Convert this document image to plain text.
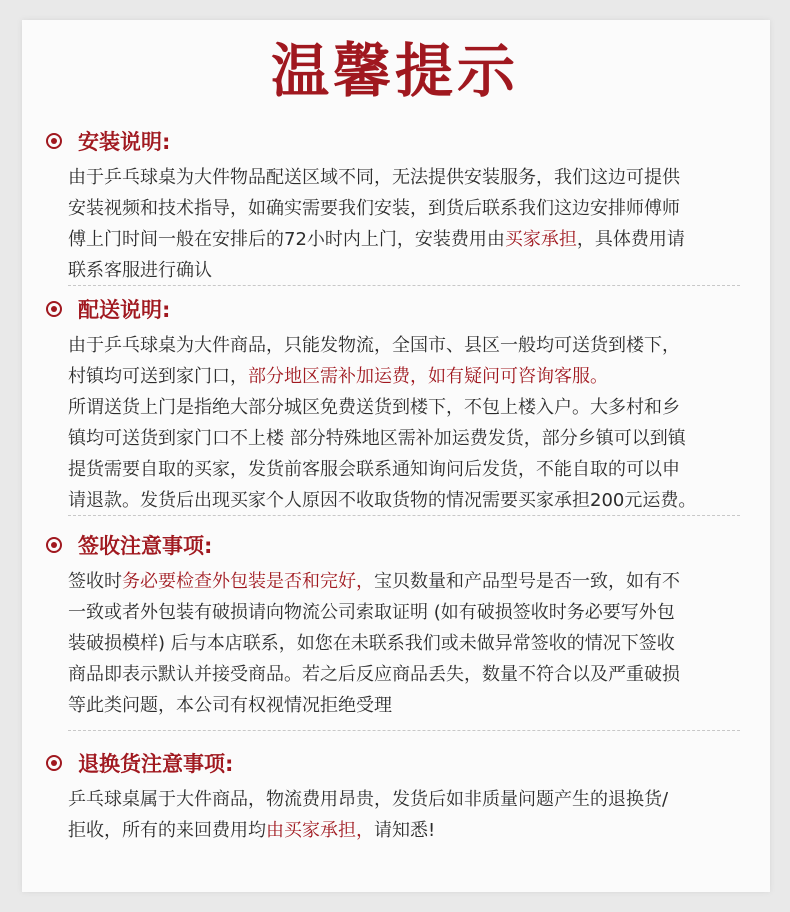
温馨提示
安装说明:
由于乒乓球桌为大件物品配送区域不同，无法提供安装服务，我们这边可提供
安装视频和技术指导，如确实需要我们安装，到货后联系我们这边安排师傅师
傅上门时间一般在安排后的72小时内上门，安装费用由买家承担，具体费用请
联系客服进行确认
配送说明:
由于乒乓球桌为大件商品，只能发物流，全国市、县区一般均可送货到楼下，
村镇均可送到家门口，部分地区需补加运费，如有疑问可咨询客服。
所谓送货上门是指绝大部分城区免费送货到楼下，不包上楼入户。大多村和乡
镇均可送货到家门口不上楼 部分特殊地区需补加运费发货，部分乡镇可以到镇
提货需要自取的买家，发货前客服会联系通知询问后发货，不能自取的可以申
请退款。发货后出现买家个人原因不收取货物的情况需要买家承担200元运费。
签收注意事项:
签收时务必要检查外包装是否和完好，宝贝数量和产品型号是否一致，如有不
一致或者外包装有破损请向物流公司索取证明 (如有破损签收时务必要写外包
装破损模样) 后与本店联系，如您在未联系我们或未做异常签收的情况下签收
商品即表示默认并接受商品。若之后反应商品丢失，数量不符合以及严重破损
等此类问题，本公司有权视情况拒绝受理
退换货注意事项:
乒乓球桌属于大件商品，物流费用昂贵，发货后如非质量问题产生的退换货/
拒收，所有的来回费用均由买家承担，请知悉!
